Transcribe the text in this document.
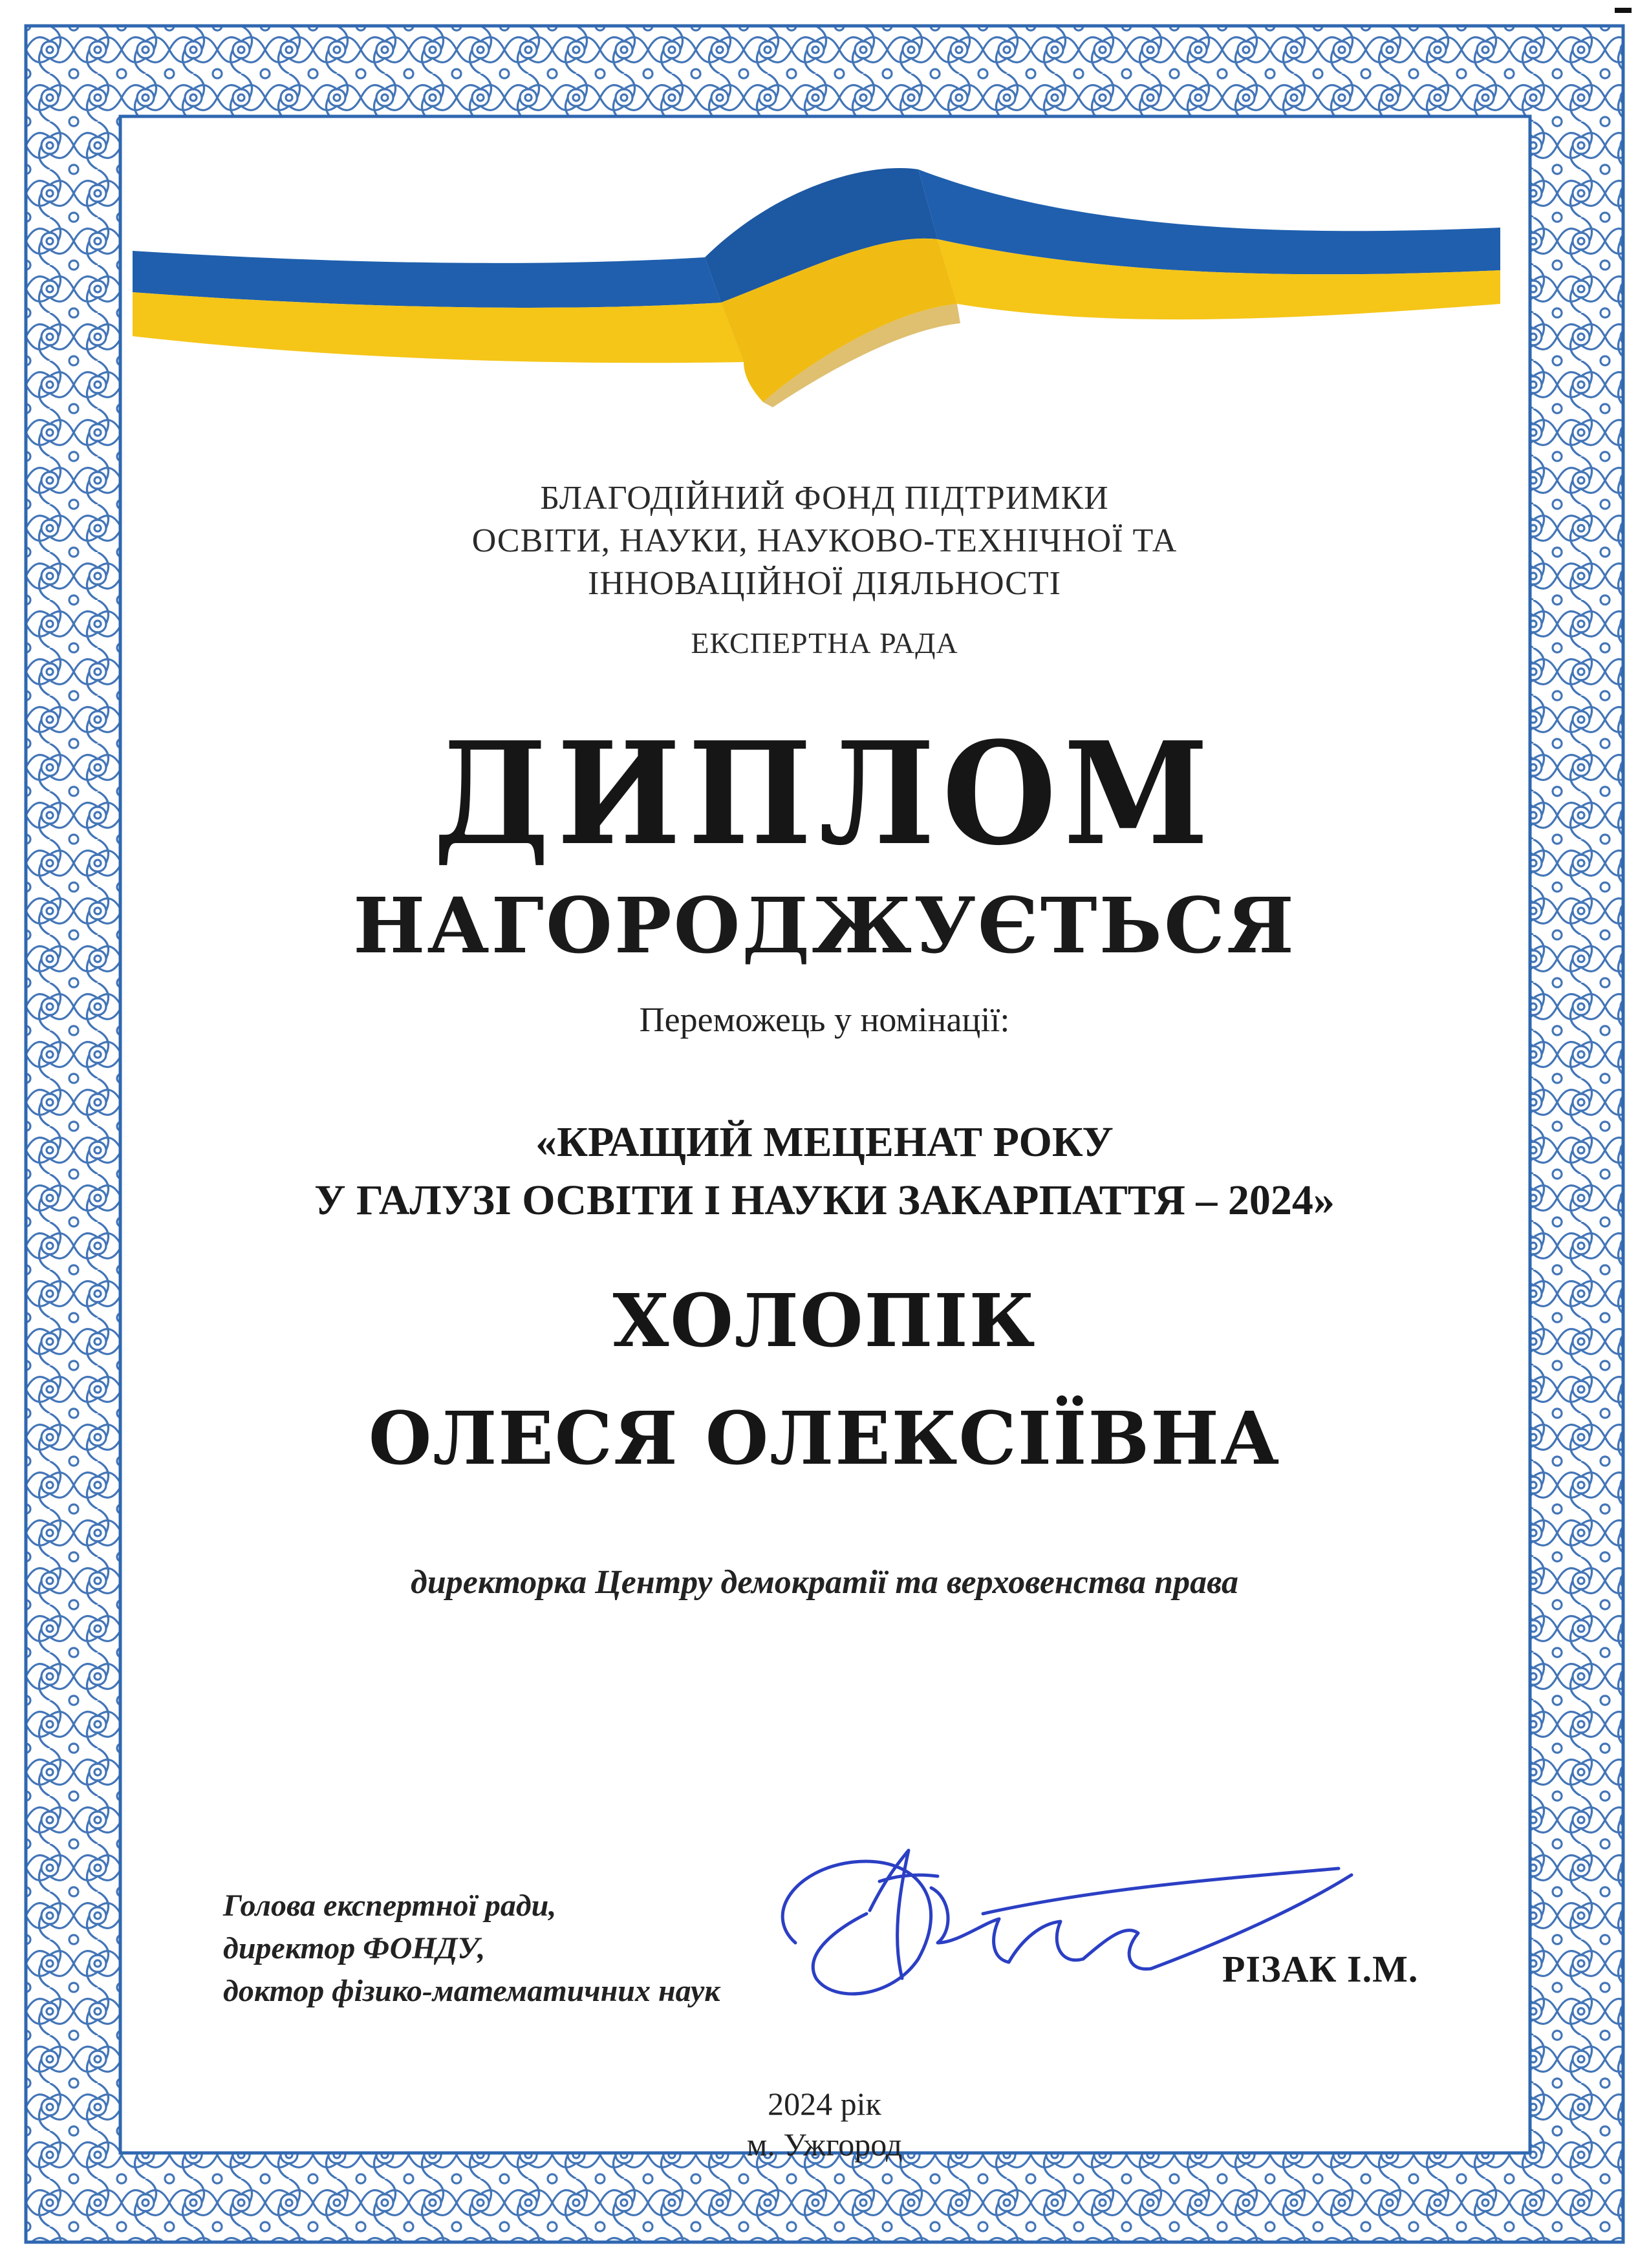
БЛАГОДІЙНИЙ ФОНД ПІДТРИМКИ
ОСВІТИ, НАУКИ, НАУКОВО-ТЕХНІЧНОЇ ТА
ІННОВАЦІЙНОЇ ДІЯЛЬНОСТІ

ЕКСПЕРТНА РАДА

ДИПЛОМ

НАГОРОДЖУЄТЬСЯ

Переможець у номінації:

«КРАЩИЙ МЕЦЕНАТ РОКУ
У ГАЛУЗІ ОСВІТИ І НАУКИ ЗАКАРПАТТЯ – 2024»

ХОЛОПІК

ОЛЕСЯ ОЛЕКСІЇВНА

директорка Центру демократії та верховенства права

Голова експертної ради,
директор ФОНДУ,
доктор фізико-математичних наук

РІЗАК І.М.

2024 рік

м. Ужгород
